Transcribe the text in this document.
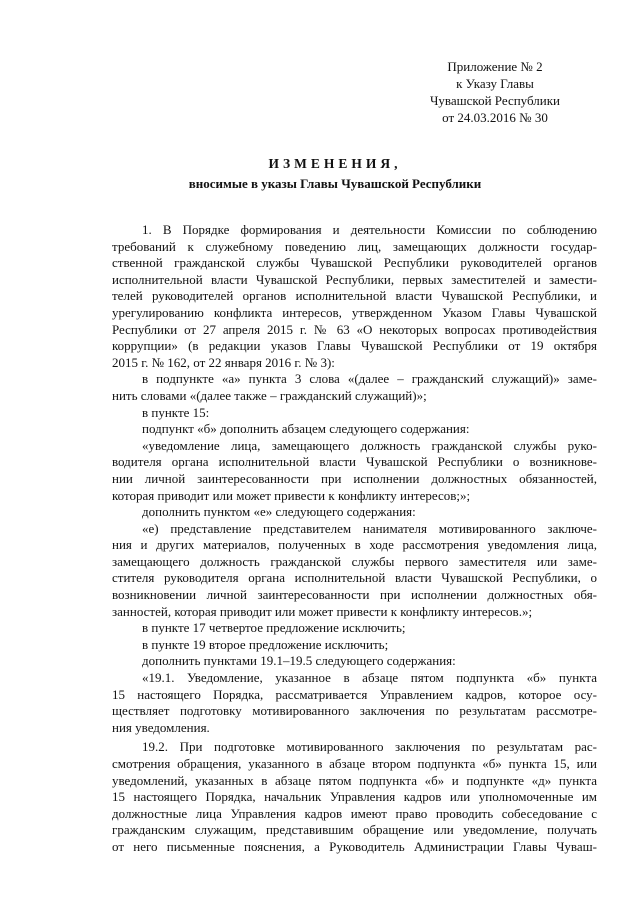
Приложение № 2
к Указу Главы
Чувашской Республики
от 24.03.2016 № 30
ИЗМЕНЕНИЯ,
вносимые в указы Главы Чувашской Республики
1. В Порядке формирования и деятельности Комиссии по соблюдению
требований к служебному поведению лиц, замещающих должности государ-
ственной гражданской службы Чувашской Республики руководителей органов
исполнительной власти Чувашской Республики, первых заместителей и замести-
телей руководителей органов исполнительной власти Чувашской Республики, и
урегулированию конфликта интересов, утвержденном Указом Главы Чувашской
Республики от 27 апреля 2015 г. № 63 «О некоторых вопросах противодействия
коррупции» (в редакции указов Главы Чувашской Республики от 19 октября
2015 г. № 162, от 22 января 2016 г. № 3):
в подпункте «а» пункта 3 слова «(далее – гражданский служащий)» заме-
нить словами «(далее также – гражданский служащий)»;
в пункте 15:
подпункт «б» дополнить абзацем следующего содержания:
«уведомление лица, замещающего должность гражданской службы руко-
водителя органа исполнительной власти Чувашской Республики о возникнове-
нии личной заинтересованности при исполнении должностных обязанностей,
которая приводит или может привести к конфликту интересов;»;
дополнить пунктом «е» следующего содержания:
«е) представление представителем нанимателя мотивированного заключе-
ния и других материалов, полученных в ходе рассмотрения уведомления лица,
замещающего должность гражданской службы первого заместителя или заме-
стителя руководителя органа исполнительной власти Чувашской Республики, о
возникновении личной заинтересованности при исполнении должностных обя-
занностей, которая приводит или может привести к конфликту интересов.»;
в пункте 17 четвертое предложение исключить;
в пункте 19 второе предложение исключить;
дополнить пунктами 19.1–19.5 следующего содержания:
«19.1. Уведомление, указанное в абзаце пятом подпункта «б» пункта
15 настоящего Порядка, рассматривается Управлением кадров, которое осу-
ществляет подготовку мотивированного заключения по результатам рассмотре-
ния уведомления.
19.2. При подготовке мотивированного заключения по результатам рас-
смотрения обращения, указанного в абзаце втором подпункта «б» пункта 15, или
уведомлений, указанных в абзаце пятом подпункта «б» и подпункте «д» пункта
15 настоящего Порядка, начальник Управления кадров или уполномоченные им
должностные лица Управления кадров имеют право проводить собеседование с
гражданским служащим, представившим обращение или уведомление, получать
от него письменные пояснения, а Руководитель Администрации Главы Чуваш-
